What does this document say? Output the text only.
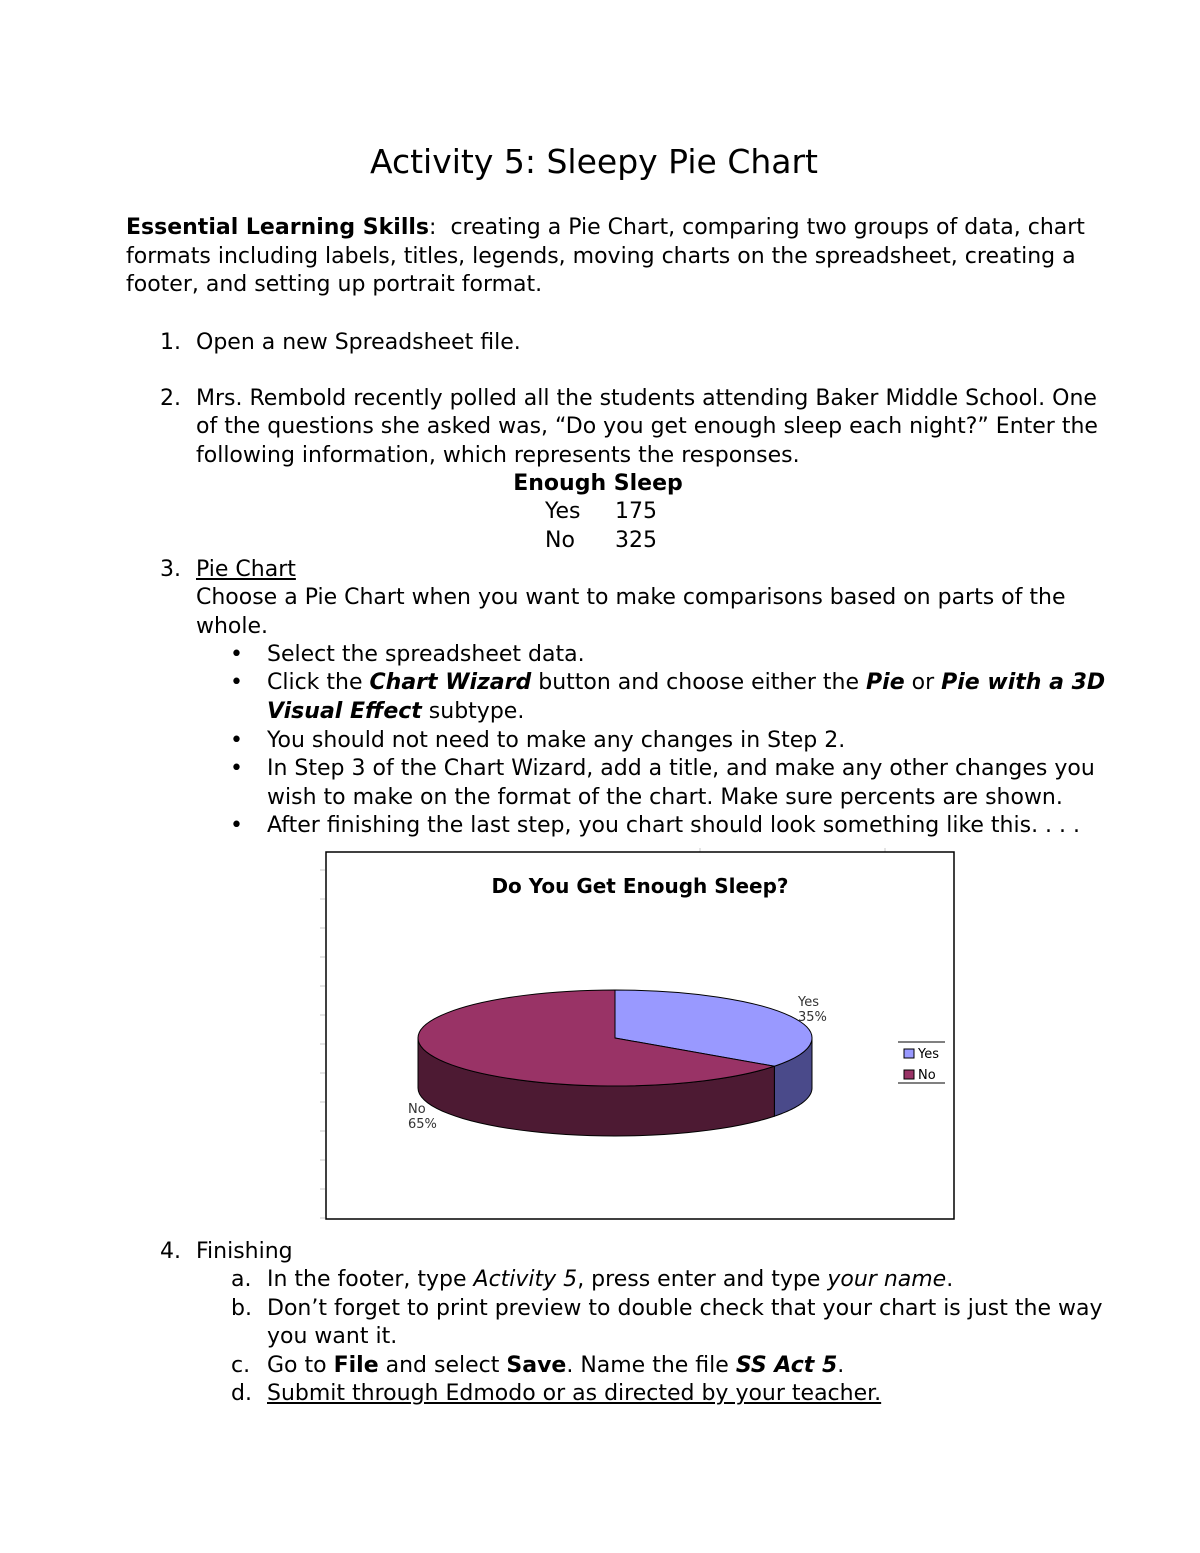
Activity 5: Sleepy Pie Chart
Essential Learning Skills: creating a Pie Chart, comparing two groups of data, chart
formats including labels, titles, legends, moving charts on the spreadsheet, creating a
footer, and setting up portrait format.
1. Open a new Spreadsheet file.
2. Mrs. Rembold recently polled all the students attending Baker Middle School. One
of the questions she asked was, “Do you get enough sleep each night?” Enter the
following information, which represents the responses.
Enough Sleep
Yes 175
No 325
3. Pie Chart
Choose a Pie Chart when you want to make comparisons based on parts of the
whole.
• Select the spreadsheet data.
• Click the Chart Wizard button and choose either the Pie or Pie with a 3D
Visual Effect subtype.
• You should not need to make any changes in Step 2.
• In Step 3 of the Chart Wizard, add a title, and make any other changes you
wish to make on the format of the chart. Make sure percents are shown.
• After finishing the last step, you chart should look something like this. . . .
Do You Get Enough Sleep?
Yes
35%
No
65%
Yes
No
4. Finishing
a. In the footer, type Activity 5, press enter and type your name.
b. Don’t forget to print preview to double check that your chart is just the way
you want it.
c. Go to File and select Save. Name the file SS Act 5.
d. Submit through Edmodo or as directed by your teacher.
